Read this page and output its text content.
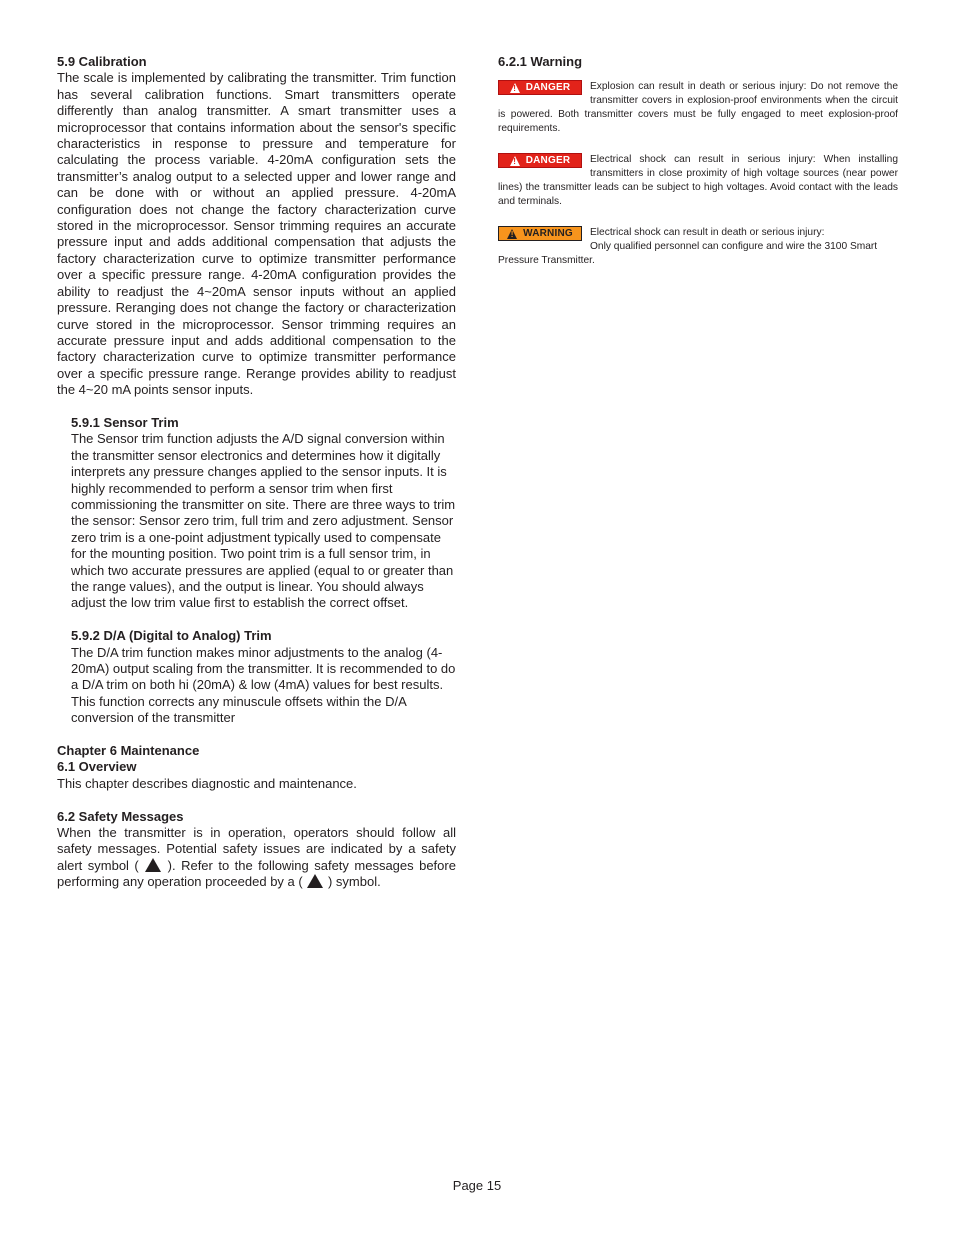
5.9 Calibration

The scale is implemented by calibrating the transmitter. Trim function has several calibration functions. Smart transmitters operate differently than analog transmitter. A smart transmitter uses a microprocessor that contains information about the sensor's specific characteristics in response to pressure and temperature for calculating the process variable. 4-20mA configuration sets the transmitter’s analog output to a selected upper and lower range and can be done with or without an applied pressure. 4-20mA configuration does not change the factory characterization curve stored in the microprocessor. Sensor trimming requires an accurate pressure input and adds additional compensation that adjusts the factory characterization curve to optimize transmitter performance over a specific pressure range. 4-20mA configuration provides the ability to readjust the 4~20mA sensor inputs without an applied pressure. Reranging does not change the factory or characterization curve stored in the microprocessor. Sensor trimming requires an accurate pressure input and adds additional compensation to the factory characterization curve to optimize transmitter performance over a specific pressure range. Rerange provides ability to readjust the 4~20 mA points sensor inputs.

5.9.1 Sensor Trim

The Sensor trim function adjusts the A/D signal conversion within the transmitter sensor electronics and determines how it digitally interprets any pressure changes applied to the sensor inputs. It is highly recommended to perform a sensor trim when first commissioning the transmitter on site. There are three ways to trim the sensor: Sensor zero trim, full trim and zero adjustment. Sensor zero trim is a one-point adjustment typically used to compensate for the mounting position. Two point trim is a full sensor trim, in which two accurate pressures are applied (equal to or greater than the range values), and the output is linear. You should always adjust the low trim value first to establish the correct offset.

5.9.2 D/A (Digital to Analog) Trim

The D/A trim function makes minor adjustments to the analog (4-20mA) output scaling from the transmitter. It is recommended to do a D/A trim on both hi (20mA) & low (4mA) values for best results. This function corrects any minuscule offsets within the D/A conversion of the transmitter

Chapter 6 Maintenance
6.1 Overview

This chapter describes diagnostic and maintenance.

6.2 Safety Messages

When the transmitter is in operation, operators should follow all safety messages. Potential safety issues are indicated by a safety alert symbol ( ). Refer to the following safety messages before performing any operation proceeded by a ( ) symbol.

6.2.1 Warning

! DANGER Explosion can result in death or serious injury: Do not remove the transmitter covers in explosion-proof environments when the circuit is powered. Both transmitter covers must be fully engaged to meet explosion-proof requirements.

! DANGER Electrical shock can result in serious injury: When installing transmitters in close proximity of high voltage sources (near power lines) the transmitter leads can be subject to high voltages. Avoid contact with the leads and terminals.

! WARNING Electrical shock can result in death or serious injury:
Only qualified personnel can configure and wire the 3100 Smart Pressure Transmitter.

Page 15
